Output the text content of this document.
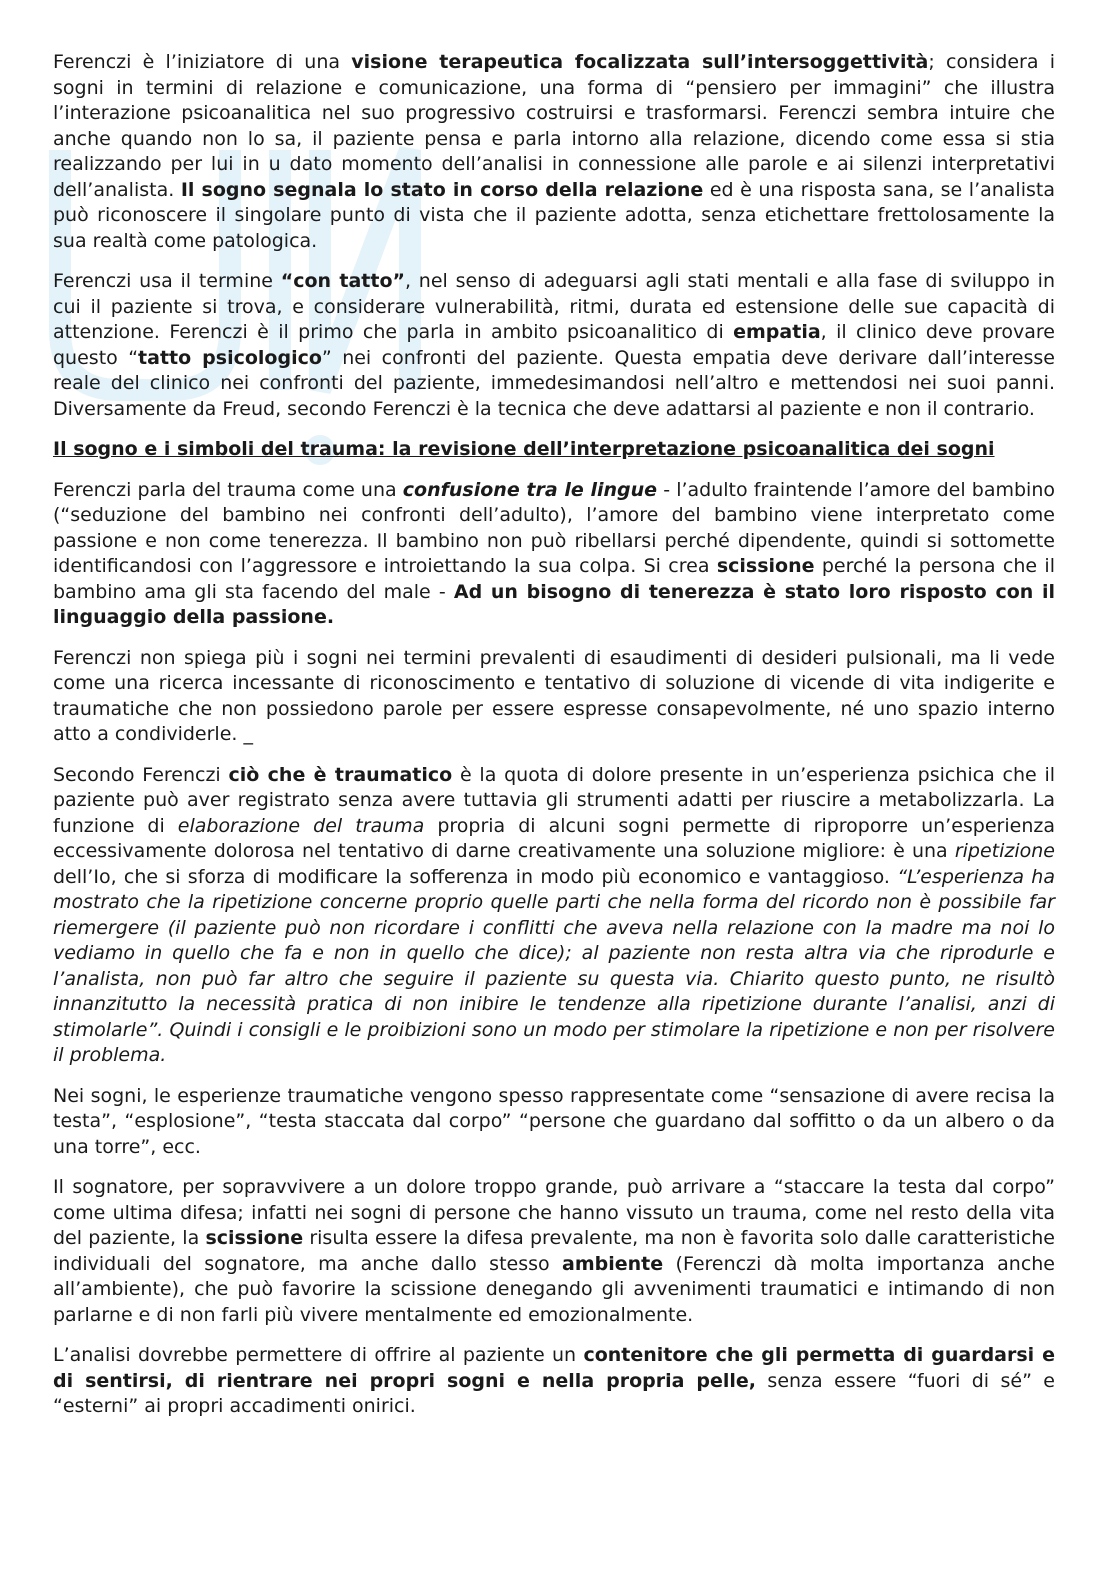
Ferenczi è l’iniziatore di una visione terapeutica focalizzata sull’intersoggettività; considera i sogni in termini di relazione e comunicazione, una forma di “pensiero per immagini” che illustra l’interazione psicoanalitica nel suo progressivo costruirsi e trasformarsi. Ferenczi sembra intuire che anche quando non lo sa, il paziente pensa e parla intorno alla relazione, dicendo come essa si stia realizzando per lui in u dato momento dell’analisi in connessione alle parole e ai silenzi interpretativi dell’analista. Il sogno segnala lo stato in corso della relazione ed è una risposta sana, se l’analista può riconoscere il singolare punto di vista che il paziente adotta, senza etichettare frettolosamente la sua realtà come patologica.

Ferenczi usa il termine “con tatto”, nel senso di adeguarsi agli stati mentali e alla fase di sviluppo in cui il paziente si trova, e considerare vulnerabilità, ritmi, durata ed estensione delle sue capacità di attenzione. Ferenczi è il primo che parla in ambito psicoanalitico di empatia, il clinico deve provare questo “tatto psicologico” nei confronti del paziente. Questa empatia deve derivare dall’interesse reale del clinico nei confronti del paziente, immedesimandosi nell’altro e mettendosi nei suoi panni. Diversamente da Freud, secondo Ferenczi è la tecnica che deve adattarsi al paziente e non il contrario.

Il sogno e i simboli del trauma: la revisione dell’interpretazione psicoanalitica dei sogni

Ferenczi parla del trauma come una confusione tra le lingue - l’adulto fraintende l’amore del bambino (“seduzione del bambino nei confronti dell’adulto), l’amore del bambino viene interpretato come passione e non come tenerezza. Il bambino non può ribellarsi perché dipendente, quindi si sottomette identificandosi con l’aggressore e introiettando la sua colpa. Si crea scissione perché la persona che il bambino ama gli sta facendo del male - Ad un bisogno di tenerezza è stato loro risposto con il linguaggio della passione.

Ferenczi non spiega più i sogni nei termini prevalenti di esaudimenti di desideri pulsionali, ma li vede come una ricerca incessante di riconoscimento e tentativo di soluzione di vicende di vita indigerite e traumatiche che non possiedono parole per essere espresse consapevolmente, né uno spazio interno atto a condividerle. _

Secondo Ferenczi ciò che è traumatico è la quota di dolore presente in un’esperienza psichica che il paziente può aver registrato senza avere tuttavia gli strumenti adatti per riuscire a metabolizzarla. La funzione di elaborazione del trauma propria di alcuni sogni permette di riproporre un’esperienza eccessivamente dolorosa nel tentativo di darne creativamente una soluzione migliore: è una ripetizione dell’Io, che si sforza di modificare la sofferenza in modo più economico e vantaggioso. “L’esperienza ha mostrato che la ripetizione concerne proprio quelle parti che nella forma del ricordo non è possibile far riemergere (il paziente può non ricordare i conflitti che aveva nella relazione con la madre ma noi lo vediamo in quello che fa e non in quello che dice); al paziente non resta altra via che riprodurle e l’analista, non può far altro che seguire il paziente su questa via. Chiarito questo punto, ne risultò innanzitutto la necessità pratica di non inibire le tendenze alla ripetizione durante l’analisi, anzi di stimolarle”. Quindi i consigli e le proibizioni sono un modo per stimolare la ripetizione e non per risolvere il problema.

Nei sogni, le esperienze traumatiche vengono spesso rappresentate come “sensazione di avere recisa la testa”, “esplosione”, “testa staccata dal corpo” “persone che guardano dal soffitto o da un albero o da una torre”, ecc.

Il sognatore, per sopravvivere a un dolore troppo grande, può arrivare a “staccare la testa dal corpo” come ultima difesa; infatti nei sogni di persone che hanno vissuto un trauma, come nel resto della vita del paziente, la scissione risulta essere la difesa prevalente, ma non è favorita solo dalle caratteristiche individuali del sognatore, ma anche dallo stesso ambiente (Ferenczi dà molta importanza anche all’ambiente), che può favorire la scissione denegando gli avvenimenti traumatici e intimando di non parlarne e di non farli più vivere mentalmente ed emozionalmente.

L’analisi dovrebbe permettere di offrire al paziente un contenitore che gli permetta di guardarsi e di sentirsi, di rientrare nei propri sogni e nella propria pelle, senza essere “fuori di sé” e “esterni” ai propri accadimenti onirici.
